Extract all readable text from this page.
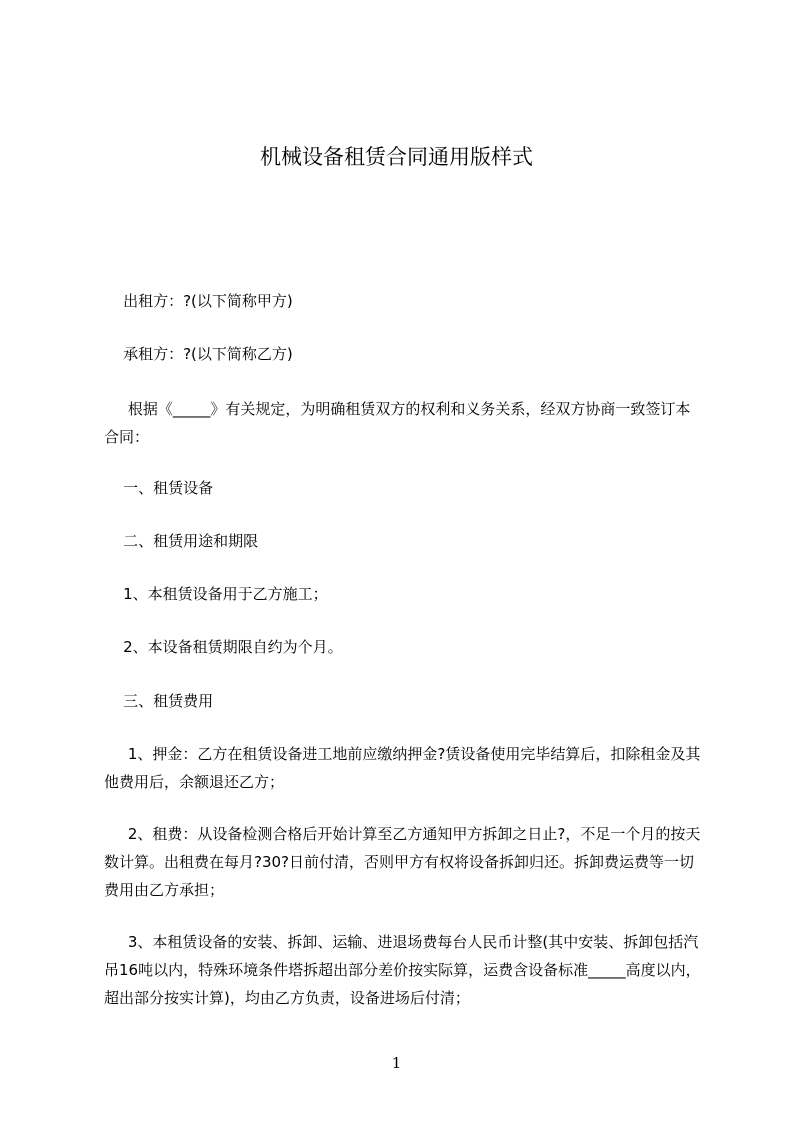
机械设备租赁合同通用版样式
出租方：?(以下简称甲方)
承租方：?(以下简称乙方)
根据《_____》有关规定，为明确租赁双方的权利和义务关系，经双方协商一致签订本合同：
一、租赁设备
二、租赁用途和期限
1、本租赁设备用于乙方施工；
2、本设备租赁期限自约为个月。
三、租赁费用
1、押金：乙方在租赁设备进工地前应缴纳押金?赁设备使用完毕结算后，扣除租金及其他费用后，余额退还乙方；
2、租费：从设备检测合格后开始计算至乙方通知甲方拆卸之日止?，不足一个月的按天数计算。出租费在每月?30?日前付清，否则甲方有权将设备拆卸归还。拆卸费运费等一切费用由乙方承担；
3、本租赁设备的安装、拆卸、运输、进退场费每台人民币计整(其中安装、拆卸包括汽吊16吨以内，特殊环境条件塔拆超出部分差价按实际算，运费含设备标准_____高度以内，超出部分按实计算)，均由乙方负责，设备进场后付清；
1
